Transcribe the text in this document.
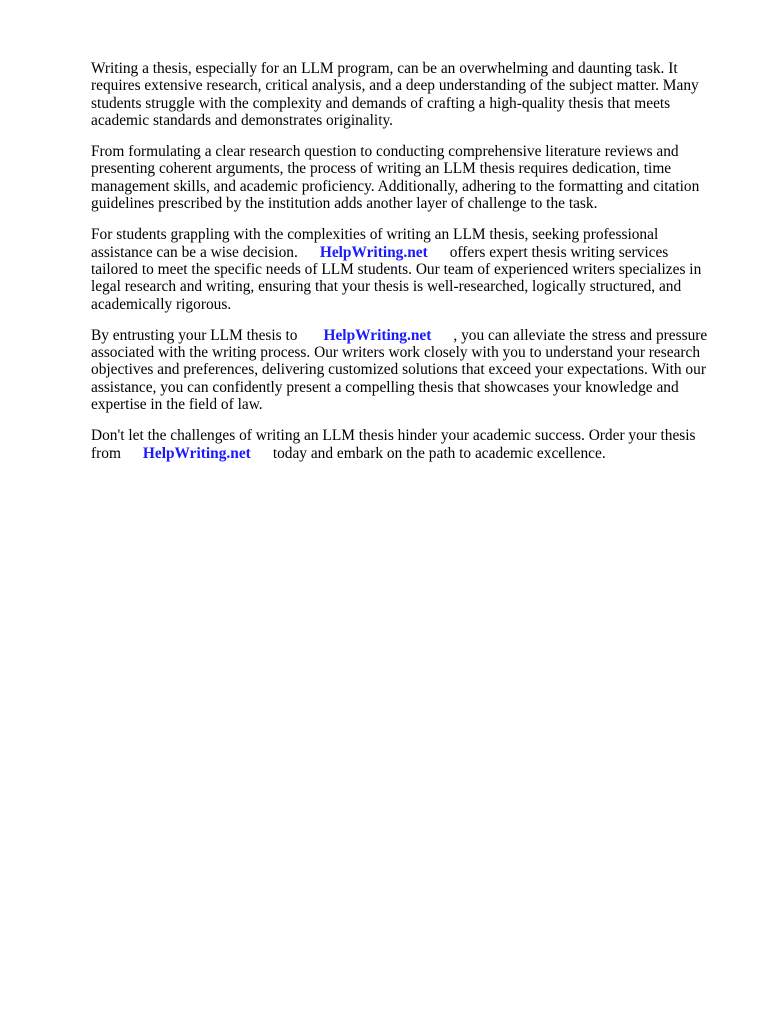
Writing a thesis, especially for an LLM program, can be an overwhelming and daunting task. It requires extensive research, critical analysis, and a deep understanding of the subject matter. Many students struggle with the complexity and demands of crafting a high-quality thesis that meets academic standards and demonstrates originality.

From formulating a clear research question to conducting comprehensive literature reviews and presenting coherent arguments, the process of writing an LLM thesis requires dedication, time management skills, and academic proficiency. Additionally, adhering to the formatting and citation guidelines prescribed by the institution adds another layer of challenge to the task.

For students grappling with the complexities of writing an LLM thesis, seeking professional assistance can be a wise decision. HelpWriting.net offers expert thesis writing services tailored to meet the specific needs of LLM students. Our team of experienced writers specializes in legal research and writing, ensuring that your thesis is well-researched, logically structured, and academically rigorous.

By entrusting your LLM thesis to HelpWriting.net , you can alleviate the stress and pressure associated with the writing process. Our writers work closely with you to understand your research objectives and preferences, delivering customized solutions that exceed your expectations. With our assistance, you can confidently present a compelling thesis that showcases your knowledge and expertise in the field of law.

Don't let the challenges of writing an LLM thesis hinder your academic success. Order your thesis from HelpWriting.net today and embark on the path to academic excellence.
